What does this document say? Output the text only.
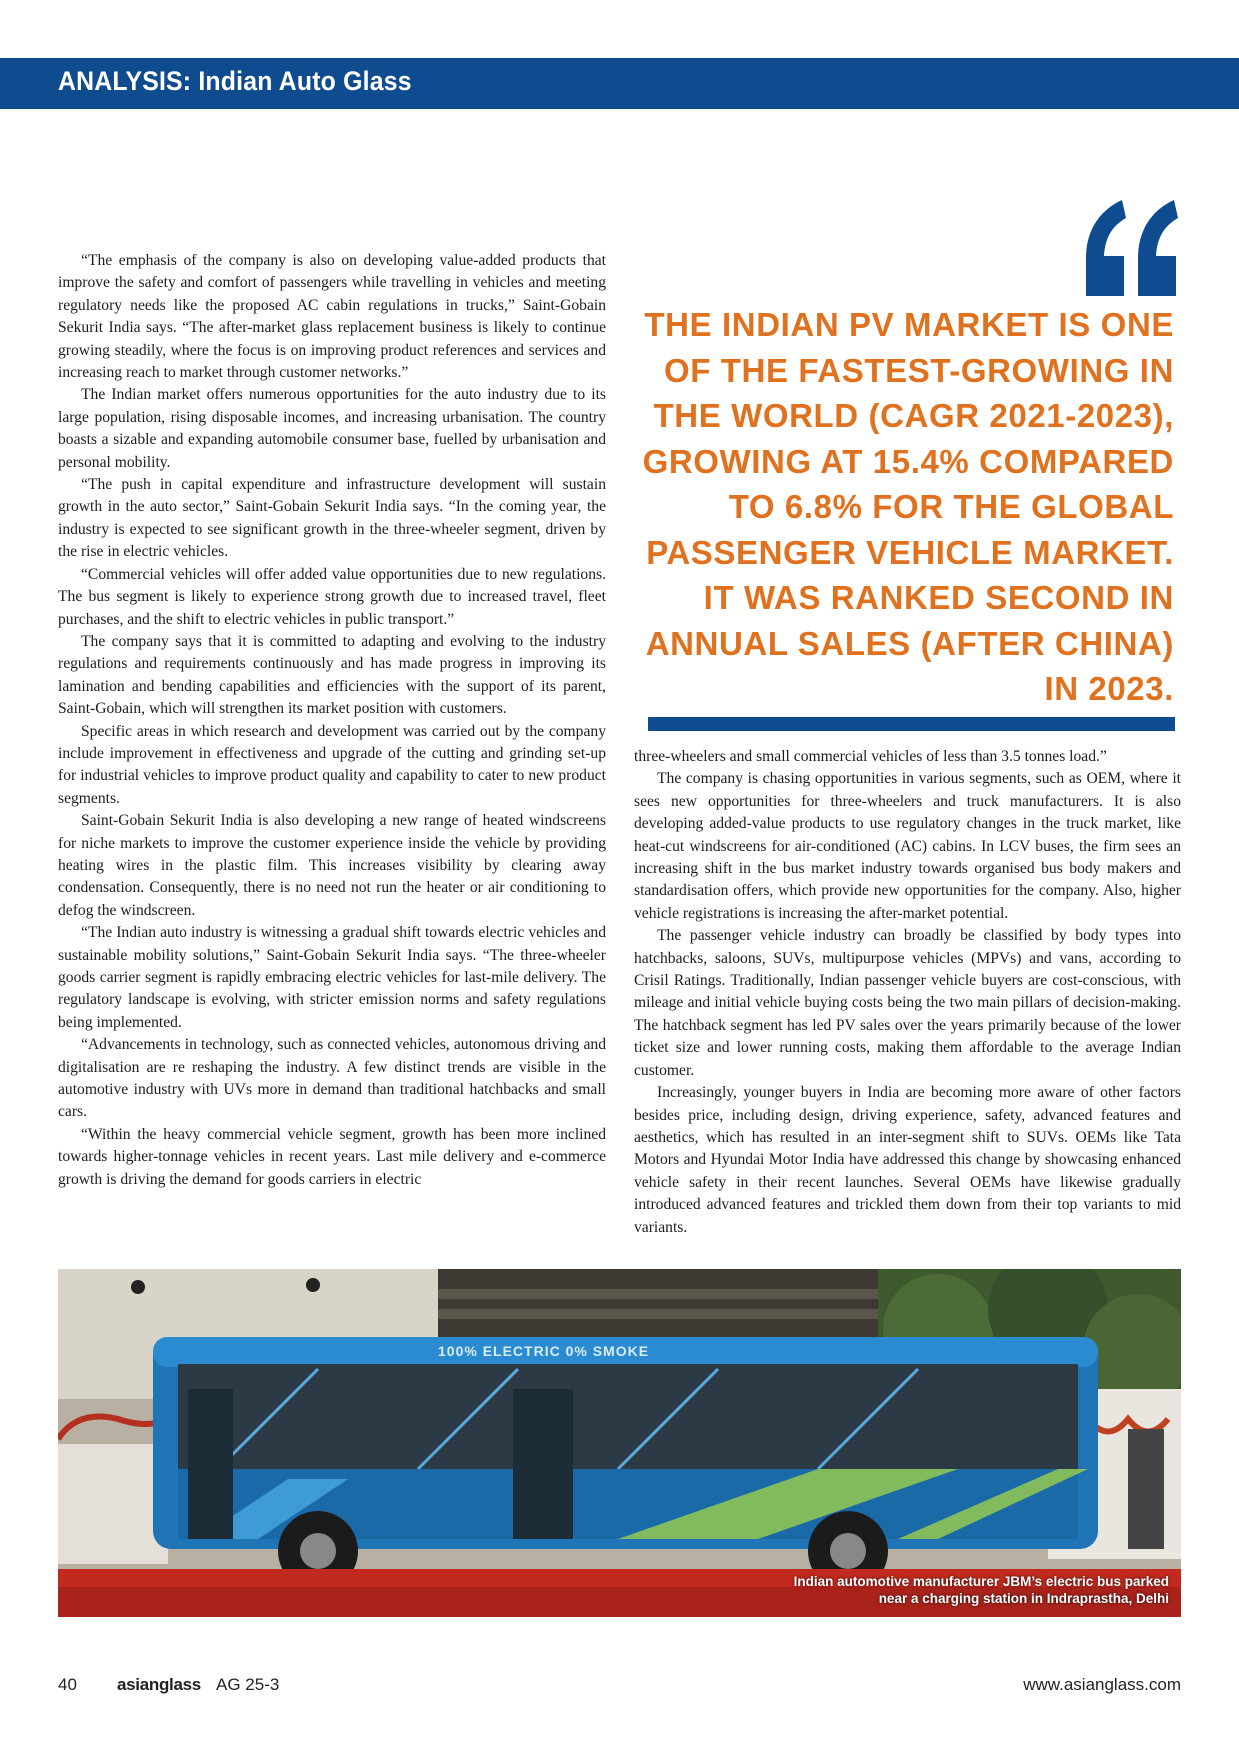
ANALYSIS: Indian Auto Glass

“The emphasis of the company is also on developing value-added products that improve the safety and comfort of passengers while travelling in vehicles and meeting regulatory needs like the proposed AC cabin regulations in trucks,” Saint-Gobain Sekurit India says. “The after-market glass replacement business is likely to continue growing steadily, where the focus is on improving product references and services and increasing reach to market through customer networks.”

The Indian market offers numerous opportunities for the auto industry due to its large population, rising disposable incomes, and increasing urbanisation. The country boasts a sizable and expanding automobile consumer base, fuelled by urbanisation and personal mobility.

“The push in capital expenditure and infrastructure development will sustain growth in the auto sector,” Saint-Gobain Sekurit India says. “In the coming year, the industry is expected to see significant growth in the three-wheeler segment, driven by the rise in electric vehicles.

“Commercial vehicles will offer added value opportunities due to new regulations. The bus segment is likely to experience strong growth due to increased travel, fleet purchases, and the shift to electric vehicles in public transport.”

The company says that it is committed to adapting and evolving to the industry regulations and requirements continuously and has made progress in improving its lamination and bending capabilities and efficiencies with the support of its parent, Saint-Gobain, which will strengthen its market position with customers.

Specific areas in which research and development was carried out by the company include improvement in effectiveness and upgrade of the cutting and grinding set-up for industrial vehicles to improve product quality and capability to cater to new product segments.

Saint-Gobain Sekurit India is also developing a new range of heated windscreens for niche markets to improve the customer experience inside the vehicle by providing heating wires in the plastic film. This increases visibility by clearing away condensation. Consequently, there is no need not run the heater or air conditioning to defog the windscreen.

“The Indian auto industry is witnessing a gradual shift towards electric vehicles and sustainable mobility solutions,” Saint-Gobain Sekurit India says. “The three-wheeler goods carrier segment is rapidly embracing electric vehicles for last-mile delivery. The regulatory landscape is evolving, with stricter emission norms and safety regulations being implemented.

“Advancements in technology, such as connected vehicles, autonomous driving and digitalisation are re reshaping the industry. A few distinct trends are visible in the automotive industry with UVs more in demand than traditional hatchbacks and small cars.

“Within the heavy commercial vehicle segment, growth has been more inclined towards higher-tonnage vehicles in recent years. Last mile delivery and e-commerce growth is driving the demand for goods carriers in electric

THE INDIAN PV MARKET IS ONE OF THE FASTEST-GROWING IN THE WORLD (CAGR 2021-2023), GROWING AT 15.4% COMPARED TO 6.8% FOR THE GLOBAL PASSENGER VEHICLE MARKET. IT WAS RANKED SECOND IN ANNUAL SALES (AFTER CHINA) IN 2023.

three-wheelers and small commercial vehicles of less than 3.5 tonnes load.”

The company is chasing opportunities in various segments, such as OEM, where it sees new opportunities for three-wheelers and truck manufacturers. It is also developing added-value products to use regulatory changes in the truck market, like heat-cut windscreens for air-conditioned (AC) cabins. In LCV buses, the firm sees an increasing shift in the bus market industry towards organised bus body makers and standardisation offers, which provide new opportunities for the company. Also, higher vehicle registrations is increasing the after-market potential.

The passenger vehicle industry can broadly be classified by body types into hatchbacks, saloons, SUVs, multipurpose vehicles (MPVs) and vans, according to Crisil Ratings. Traditionally, Indian passenger vehicle buyers are cost-conscious, with mileage and initial vehicle buying costs being the two main pillars of decision-making. The hatchback segment has led PV sales over the years primarily because of the lower ticket size and lower running costs, making them affordable to the average Indian customer.

Increasingly, younger buyers in India are becoming more aware of other factors besides price, including design, driving experience, safety, advanced features and aesthetics, which has resulted in an inter-segment shift to SUVs. OEMs like Tata Motors and Hyundai Motor India have addressed this change by showcasing enhanced vehicle safety in their recent launches. Several OEMs have likewise gradually introduced advanced features and trickled them down from their top variants to mid variants.

100% ELECTRIC 0% SMOKE
Indian automotive manufacturer JBM’s electric bus parked
near a charging station in Indraprastha, Delhi
40 asianglass AG 25-3	www.asianglass.com
